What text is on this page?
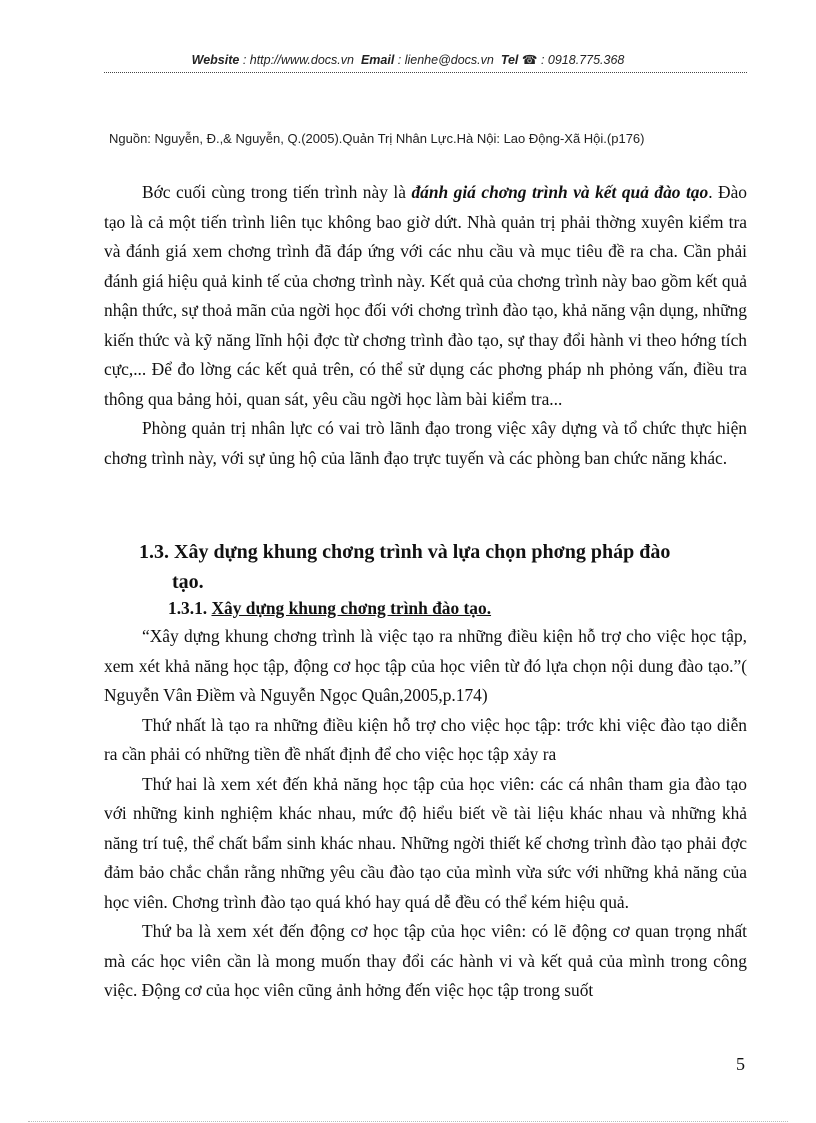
Website : http://www.docs.vn Email : lienhe@docs.vn Tel ☎ : 0918.775.368
Nguồn: Nguyễn, Đ.,& Nguyễn, Q.(2005).Quản Trị Nhân Lực.Hà Nội: Lao Động-Xã Hội.(p176)

Bớc cuối cùng trong tiến trình này là đánh giá chơng trình và kết quả đào tạo. Đào tạo là cả một tiến trình liên tục không bao giờ dứt. Nhà quản trị phải thờng xuyên kiểm tra và đánh giá xem chơng trình đã đáp ứng với các nhu cầu và mục tiêu đề ra cha. Cần phải đánh giá hiệu quả kinh tế của chơng trình này. Kết quả của chơng trình này bao gồm kết quả nhận thức, sự thoả mãn của ngời học đối với chơng trình đào tạo, khả năng vận dụng, những kiến thức và kỹ năng lĩnh hội đợc từ chơng trình đào tạo, sự thay đổi hành vi theo hớng tích cực,... Để đo lờng các kết quả trên, có thể sử dụng các phơng pháp nh phỏng vấn, điều tra thông qua bảng hỏi, quan sát, yêu cầu ngời học làm bài kiểm tra...

Phòng quản trị nhân lực có vai trò lãnh đạo trong việc xây dựng và tổ chức thực hiện chơng trình này, với sự ủng hộ của lãnh đạo trực tuyến và các phòng ban chức năng khác.

1.3. Xây dựng khung chơng trình và lựa chọn phơng pháp đào
tạo.
1.3.1. Xây dựng khung chơng trình đào tạo.

“Xây dựng khung chơng trình là việc tạo ra những điều kiện hỗ trợ cho việc học tập, xem xét khả năng học tập, động cơ học tập của học viên từ đó lựa chọn nội dung đào tạo.”( Nguyễn Vân Điềm và Nguyễn Ngọc Quân,2005,p.174)

Thứ nhất là tạo ra những điều kiện hỗ trợ cho việc học tập: trớc khi việc đào tạo diễn ra cần phải có những tiền đề nhất định để cho việc học tập xảy ra

Thứ hai là xem xét đến khả năng học tập của học viên: các cá nhân tham gia đào tạo với những kinh nghiệm khác nhau, mức độ hiểu biết về tài liệu khác nhau và những khả năng trí tuệ, thể chất bẩm sinh khác nhau. Những ngời thiết kế chơng trình đào tạo phải đợc đảm bảo chắc chắn rằng những yêu cầu đào tạo của mình vừa sức với những khả năng của học viên. Chơng trình đào tạo quá khó hay quá dễ đều có thể kém hiệu quả.

Thứ ba là xem xét đến động cơ học tập của học viên: có lẽ động cơ quan trọng nhất mà các học viên cần là mong muốn thay đổi các hành vi và kết quả của mình trong công việc. Động cơ của học viên cũng ảnh hởng đến việc học tập trong suốt

5
